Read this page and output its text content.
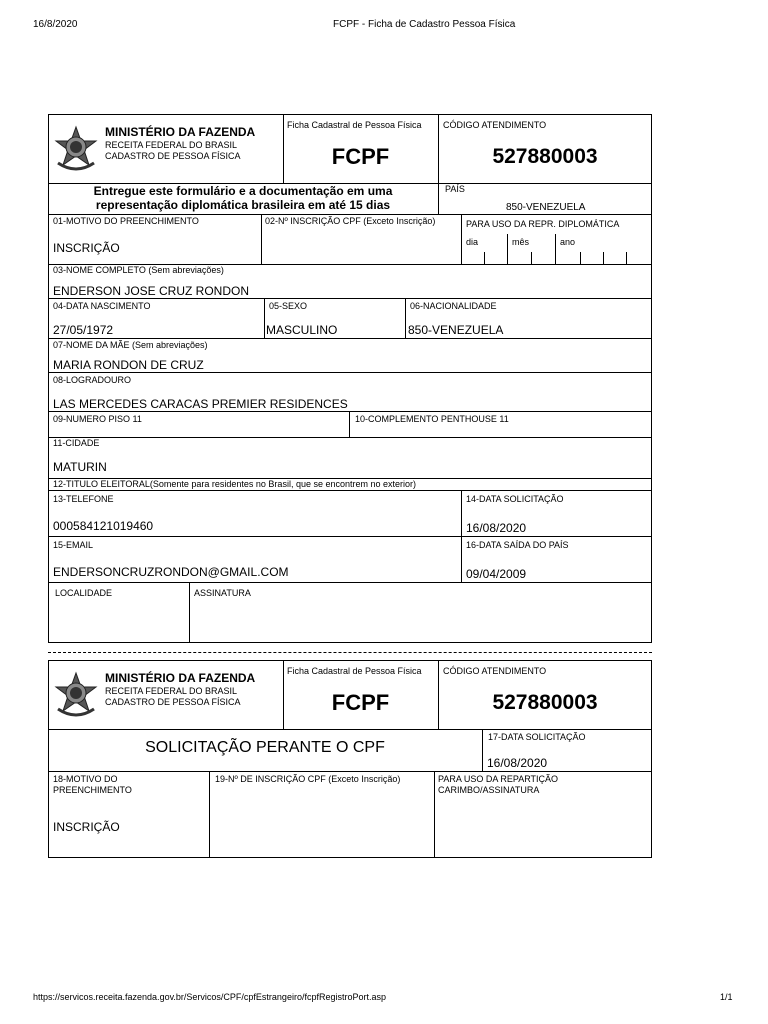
16/8/2020	FCPF - Ficha de Cadastro Pessoa Física
https://servicos.receita.fazenda.gov.br/Servicos/CPF/cpfEstrangeiro/fcpfRegistroPort.asp	1/1
MINISTÉRIO DA FAZENDA
RECEITA FEDERAL DO BRASIL
CADASTRO DE PESSOA FÍSICA
Ficha Cadastral de Pessoa Física
FCPF
CÓDIGO ATENDIMENTO
527880003
Entregue este formulário e a documentação em uma
representação diplomática brasileira em até 15 dias
PAÍS
850-VENEZUELA
01-MOTIVO DO PREENCHIMENTO
INSCRIÇÃO
02-Nº INSCRIÇÃO CPF (Exceto Inscrição)	PARA USO DA REPR. DIPLOMÁTICA
dia	mês	ano
03-NOME COMPLETO (Sem abreviações)
ENDERSON JOSE CRUZ RONDON
04-DATA NASCIMENTO
27/05/1972
05-SEXO
MASCULINO
06-NACIONALIDADE
850-VENEZUELA
07-NOME DA MÃE (Sem abreviações)
MARIA RONDON DE CRUZ
08-LOGRADOURO
LAS MERCEDES CARACAS PREMIER RESIDENCES
09-NUMERO PISO 11	10-COMPLEMENTO PENTHOUSE 11
11-CIDADE
MATURIN
12-TITULO ELEITORAL(Somente para residentes no Brasil, que se encontrem no exterior)
13-TELEFONE
000584121019460
14-DATA SOLICITAÇÃO
16/08/2020
15-EMAIL
ENDERSONCRUZRONDON@GMAIL.COM
16-DATA SAÍDA DO PAÍS
09/04/2009
LOCALIDADE	ASSINATURA
MINISTÉRIO DA FAZENDA
RECEITA FEDERAL DO BRASIL
CADASTRO DE PESSOA FÍSICA
Ficha Cadastral de Pessoa Física
FCPF
CÓDIGO ATENDIMENTO
527880003
SOLICITAÇÃO PERANTE O CPF
17-DATA SOLICITAÇÃO
16/08/2020
18-MOTIVO DO
PREENCHIMENTO
INSCRIÇÃO
19-Nº DE INSCRIÇÃO CPF (Exceto Inscrição)	PARA USO DA REPARTIÇÃO
CARIMBO/ASSINATURA
